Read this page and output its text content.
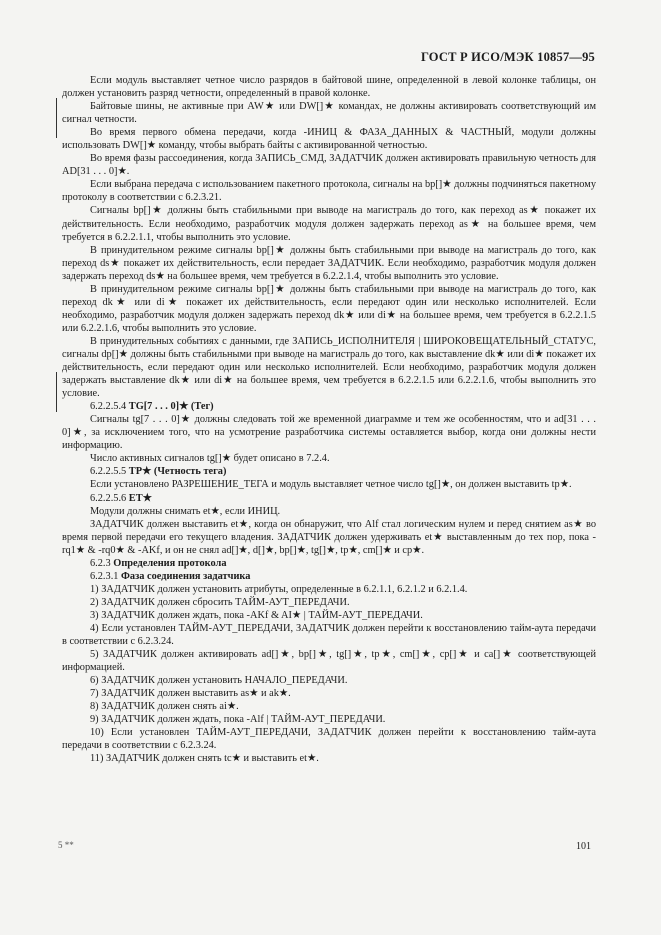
ГОСТ Р ИСО/МЭК 10857—95

Если модуль выставляет четное число разрядов в байтовой шине, определенной в левой колонке таблицы, он должен установить разряд четности, определенный в правой колонке.

Байтовые шины, не активные при AW★ или DW[]★ командах, не должны активировать соответствующий им сигнал четности.

Во время первого обмена передачи, когда -ИНИЦ & ФАЗА_ДАННЫХ & ЧАСТНЫЙ, модули должны использовать DW[]★ команду, чтобы выбрать байты с активированной четностью.

Во время фазы рассоединения, когда ЗАПИСЬ_СМД, ЗАДАТЧИК должен активировать правильную четность для AD[31 . . . 0]★.

Если выбрана передача с использованием пакетного протокола, сигналы на bp[]★ должны подчиняться пакетному протоколу в соответствии с 6.2.3.21.

Сигналы bp[]★ должны быть стабильными при выводе на магистраль до того, как переход as★ покажет их действительность. Если необходимо, разработчик модуля должен задержать переход as★ на большее время, чем требуется в 6.2.2.1.1, чтобы выполнить это условие.

В принудительном режиме сигналы bp[]★ должны быть стабильными при выводе на магистраль до того, как переход ds★ покажет их действительность, если передает ЗАДАТЧИК. Если необходимо, разработчик модуля должен задержать переход ds★ на большее время, чем требуется в 6.2.2.1.4, чтобы выполнить это условие.

В принудительном режиме сигналы bp[]★ должны быть стабильными при выводе на магистраль до того, как переход dk★ или di★ покажет их действительность, если передают один или несколько исполнителей. Если необходимо, разработчик модуля должен задержать переход dk★ или di★ на большее время, чем требуется в 6.2.2.1.5 или 6.2.2.1.6, чтобы выполнить это условие.

В принудительных событиях с данными, где ЗАПИСЬ_ИСПОЛНИТЕЛЯ | ШИРОКОВЕЩАТЕЛЬНЫЙ_СТАТУС, сигналы dp[]★ должны быть стабильными при выводе на магистраль до того, как выставление dk★ или di★ покажет их действительность, если передают один или несколько исполнителей. Если необходимо, разработчик модуля должен задержать выставление dk★ или di★ на большее время, чем требуется в 6.2.2.1.5 или 6.2.2.1.6, чтобы выполнить это условие.

6.2.2.5.4 TG[7 . . . 0]★ (Тег)

Сигналы tg[7 . . . 0]★ должны следовать той же временной диаграмме и тем же особенностям, что и ad[31 . . . 0]★, за исключением того, что на усмотрение разработчика системы оставляется выбор, когда они должны нести информацию.

Число активных сигналов tg[]★ будет описано в 7.2.4.

6.2.2.5.5 TP★ (Четность тега)

Если установлено РАЗРЕШЕНИЕ_ТЕГА и модуль выставляет четное число tg[]★, он должен выставить tp★.

6.2.2.5.6 ET★

Модули должны снимать et★, если ИНИЦ.

ЗАДАТЧИК должен выставить et★, когда он обнаружит, что Alf стал логическим нулем и перед снятием as★ во время первой передачи его текущего владения. ЗАДАТЧИК должен удерживать et★ выставленным до тех пор, пока -rq1★ & -rq0★ & -AKf, и он не снял ad[]★, d[]★, bp[]★, tg[]★, tp★, cm[]★ и cp★.

6.2.3 Определения протокола

6.2.3.1 Фаза соединения задатчика

1) ЗАДАТЧИК должен установить атрибуты, определенные в 6.2.1.1, 6.2.1.2 и 6.2.1.4.

2) ЗАДАТЧИК должен сбросить ТАЙМ-АУТ_ПЕРЕДАЧИ.

3) ЗАДАТЧИК должен ждать, пока -AKf & AI★ | ТАЙМ-АУТ_ПЕРЕДАЧИ.

4) Если установлен ТАЙМ-АУТ_ПЕРЕДАЧИ, ЗАДАТЧИК должен перейти к восстановлению тайм-аута передачи в соответствии с 6.2.3.24.

5) ЗАДАТЧИК должен активировать ad[]★, bp[]★, tg[]★, tp★, cm[]★, cp[]★ и ca[]★ соответствующей информацией.

6) ЗАДАТЧИК должен установить НАЧАЛО_ПЕРЕДАЧИ.

7) ЗАДАТЧИК должен выставить as★ и ak★.

8) ЗАДАТЧИК должен снять ai★.

9) ЗАДАТЧИК должен ждать, пока -Alf | ТАЙМ-АУТ_ПЕРЕДАЧИ.

10) Если установлен ТАЙМ-АУТ_ПЕРЕДАЧИ, ЗАДАТЧИК должен перейти к восстановлению тайм-аута передачи в соответствии с 6.2.3.24.

11) ЗАДАТЧИК должен снять tc★ и выставить et★.

5 **	101
